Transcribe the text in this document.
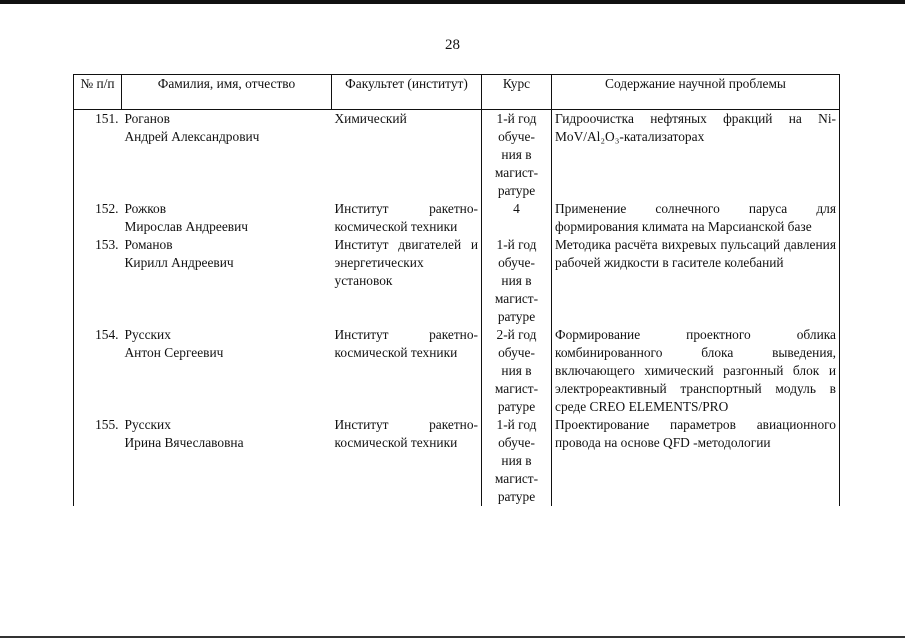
28
№ п/п	Фамилия, имя, отчество	Факультет (институт)	Курс	Содержание научной проблемы
151.	Роганов
Андрей Александрович	Химический	1-й год
обуче-
ния в
магист-
ратуре	Гидроочистка нефтяных фракций на Ni-MoV/Al₂O₃-катализаторах
152.	Рожков
Мирослав Андреевич	Институт ракетно-космической техники	4	Применение солнечного паруса для формирования климата на Марсианской базе
153.	Романов
Кирилл Андреевич	Институт двигателей и энергетических установок	1-й год
обуче-
ния в
магист-
ратуре	Методика расчёта вихревых пульсаций давления рабочей жидкости в гасителе колебаний
154.	Русских
Антон Сергеевич	Институт ракетно-космической техники	2-й год
обуче-
ния в
магист-
ратуре	Формирование проектного облика комбинированного блока выведения, включающего химический разгонный блок и электрореактивный транспортный модуль в среде CREO ELEMENTS/PRO
155.	Русских
Ирина Вячеславовна	Институт ракетно-космической техники	1-й год
обуче-
ния в
магист-
ратуре	Проектирование параметров авиационного провода на основе QFD -методологии
